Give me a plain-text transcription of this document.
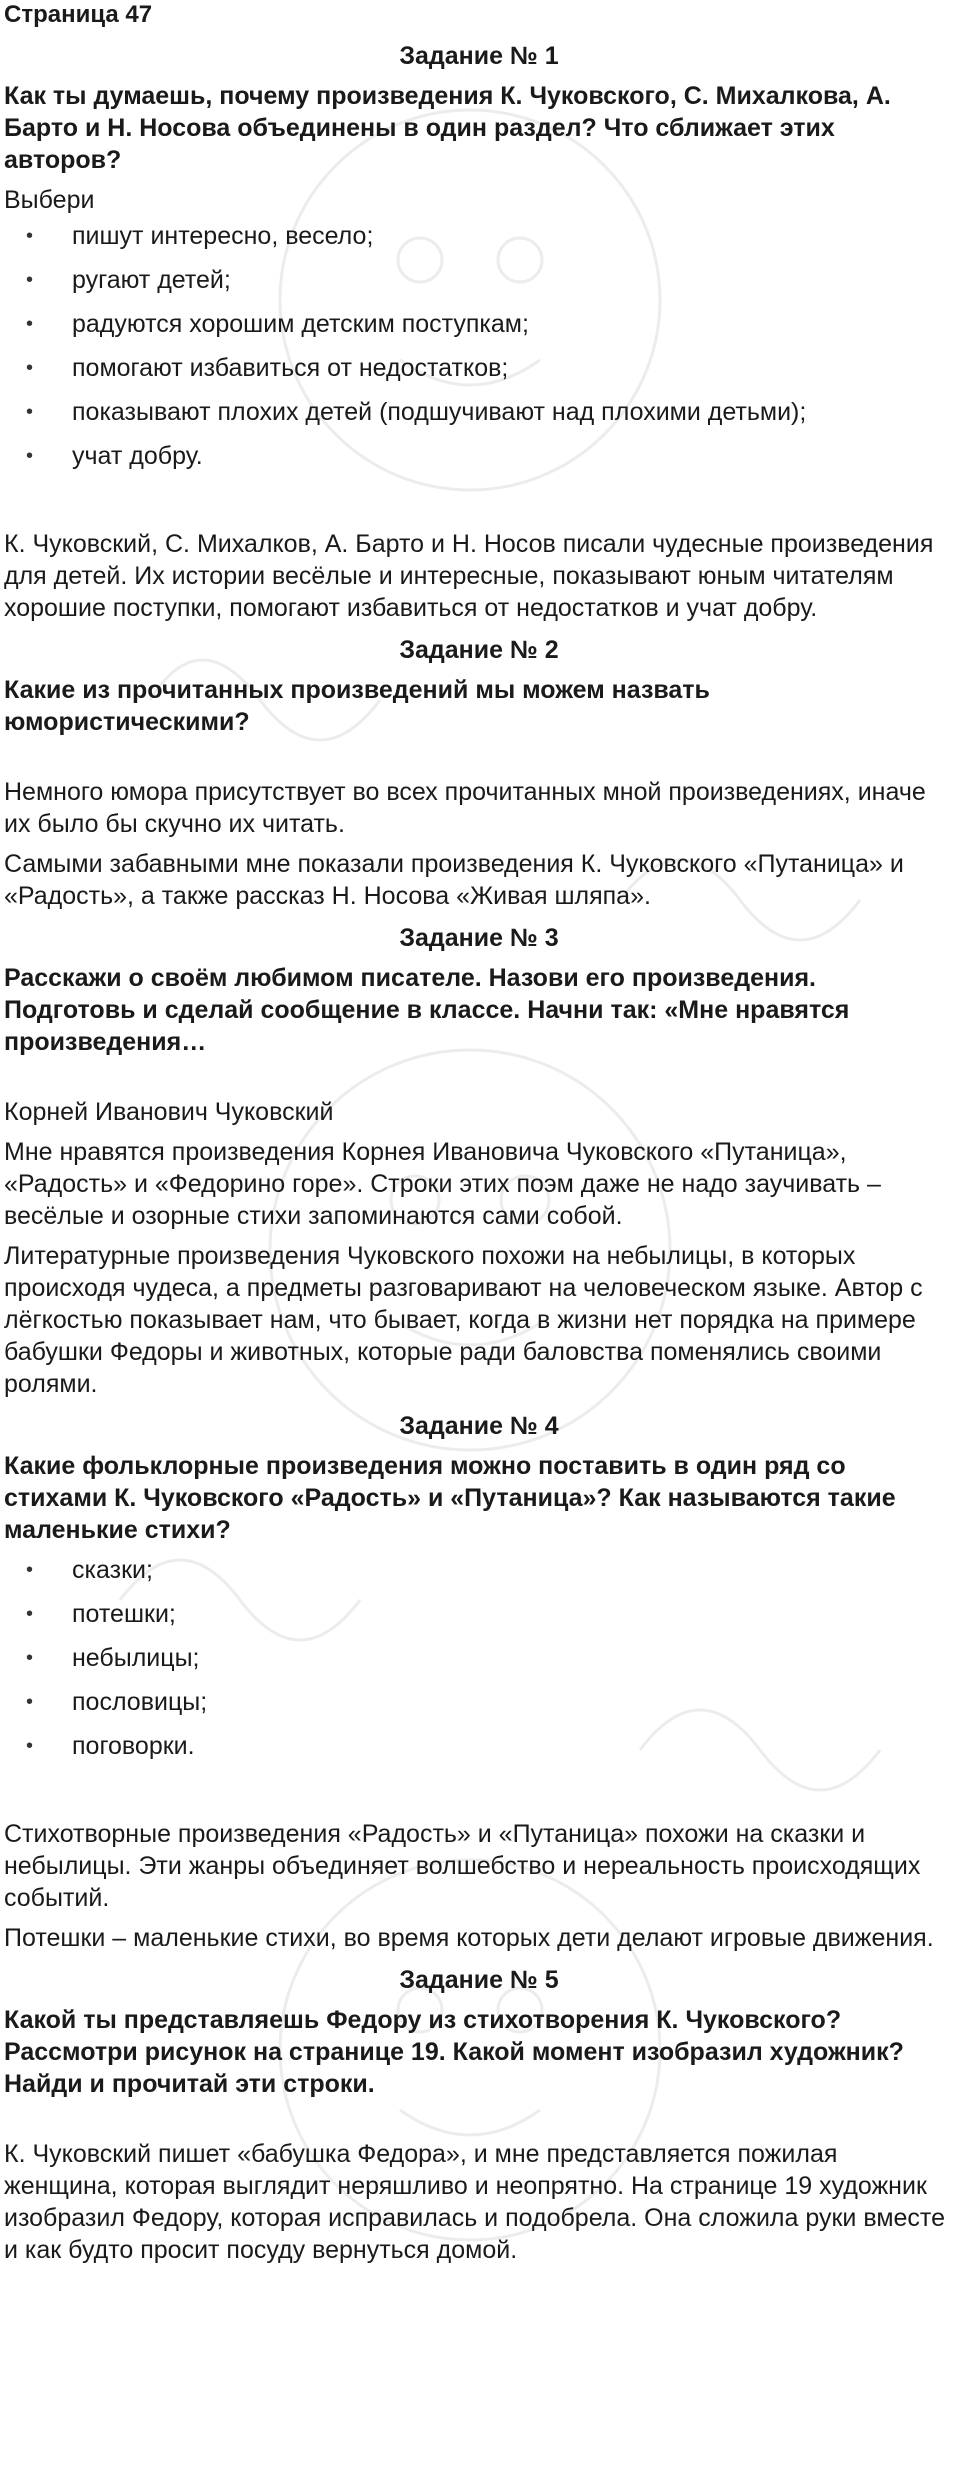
Страница 47
Задание № 1
Как ты думаешь, почему произведения К. Чуковского, С. Михалкова, А. Барто и Н. Носова объединены в один раздел? Что сближает этих авторов?
Выбери
• пишут интересно, весело;
• ругают детей;
• радуются хорошим детским поступкам;
• помогают избавиться от недостатков;
• показывают плохих детей (подшучивают над плохими детьми);
• учат добру.
К. Чуковский, С. Михалков, А. Барто и Н. Носов писали чудесные произведения для детей. Их истории весёлые и интересные, показывают юным читателям хорошие поступки, помогают избавиться от недостатков и учат добру.
Задание № 2
Какие из прочитанных произведений мы можем назвать юмористическими?
Немного юмора присутствует во всех прочитанных мной произведениях, иначе их было бы скучно их читать.
Самыми забавными мне показали произведения К. Чуковского «Путаница» и «Радость», а также рассказ Н. Носова «Живая шляпа».
Задание № 3
Расскажи о своём любимом писателе. Назови его произведения. Подготовь и сделай сообщение в классе. Начни так: «Мне нравятся произведения…
Корней Иванович Чуковский
Мне нравятся произведения Корнея Ивановича Чуковского «Путаница», «Радость» и «Федорино горе». Строки этих поэм даже не надо заучивать – весёлые и озорные стихи запоминаются сами собой.
Литературные произведения Чуковского похожи на небылицы, в которых происходя чудеса, а предметы разговаривают на человеческом языке. Автор с лёгкостью показывает нам, что бывает, когда в жизни нет порядка на примере бабушки Федоры и животных, которые ради баловства поменялись своими ролями.
Задание № 4
Какие фольклорные произведения можно поставить в один ряд со стихами К. Чуковского «Радость» и «Путаница»? Как называются такие маленькие стихи?
• сказки;
• потешки;
• небылицы;
• пословицы;
• поговорки.
Стихотворные произведения «Радость» и «Путаница» похожи на сказки и небылицы. Эти жанры объединяет волшебство и нереальность происходящих событий.
Потешки – маленькие стихи, во время которых дети делают игровые движения.
Задание № 5
Какой ты представляешь Федору из стихотворения К. Чуковского? Рассмотри рисунок на странице 19. Какой момент изобразил художник? Найди и прочитай эти строки.
К. Чуковский пишет «бабушка Федора», и мне представляется пожилая женщина, которая выглядит неряшливо и неопрятно. На странице 19 художник изобразил Федору, которая исправилась и подобрела. Она сложила руки вместе и как будто просит посуду вернуться домой.
